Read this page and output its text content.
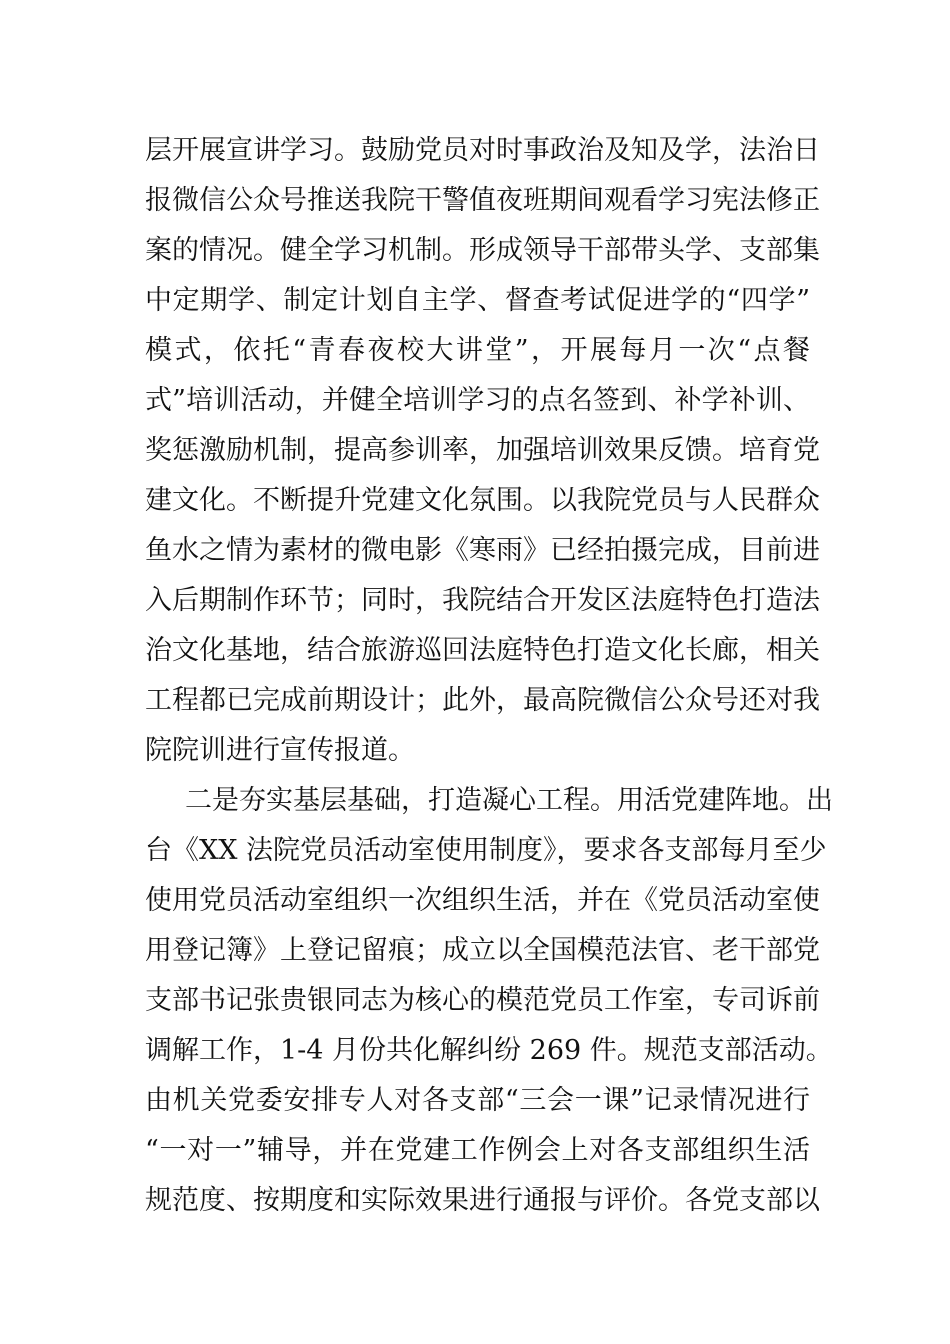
层开展宣讲学习。鼓励党员对时事政治及知及学，法治日
报微信公众号推送我院干警值夜班期间观看学习宪法修正
案的情况。健全学习机制。形成领导干部带头学、支部集
中定期学、制定计划自主学、督查考试促进学的“四学”
模式，依托“青春夜校大讲堂”，开展每月一次“点餐
式”培训活动，并健全培训学习的点名签到、补学补训、
奖惩激励机制，提高参训率，加强培训效果反馈。培育党
建文化。不断提升党建文化氛围。以我院党员与人民群众
鱼水之情为素材的微电影《寒雨》已经拍摄完成，目前进
入后期制作环节；同时，我院结合开发区法庭特色打造法
治文化基地，结合旅游巡回法庭特色打造文化长廊，相关
工程都已完成前期设计；此外，最高院微信公众号还对我
院院训进行宣传报道。
二是夯实基层基础，打造凝心工程。用活党建阵地。出
台《XX 法院党员活动室使用制度》，要求各支部每月至少
使用党员活动室组织一次组织生活，并在《党员活动室使
用登记簿》上登记留痕；成立以全国模范法官、老干部党
支部书记张贵银同志为核心的模范党员工作室，专司诉前
调解工作，1-4 月份共化解纠纷 269 件。规范支部活动。
由机关党委安排专人对各支部“三会一课”记录情况进行
“一对一”辅导，并在党建工作例会上对各支部组织生活
规范度、按期度和实际效果进行通报与评价。各党支部以
